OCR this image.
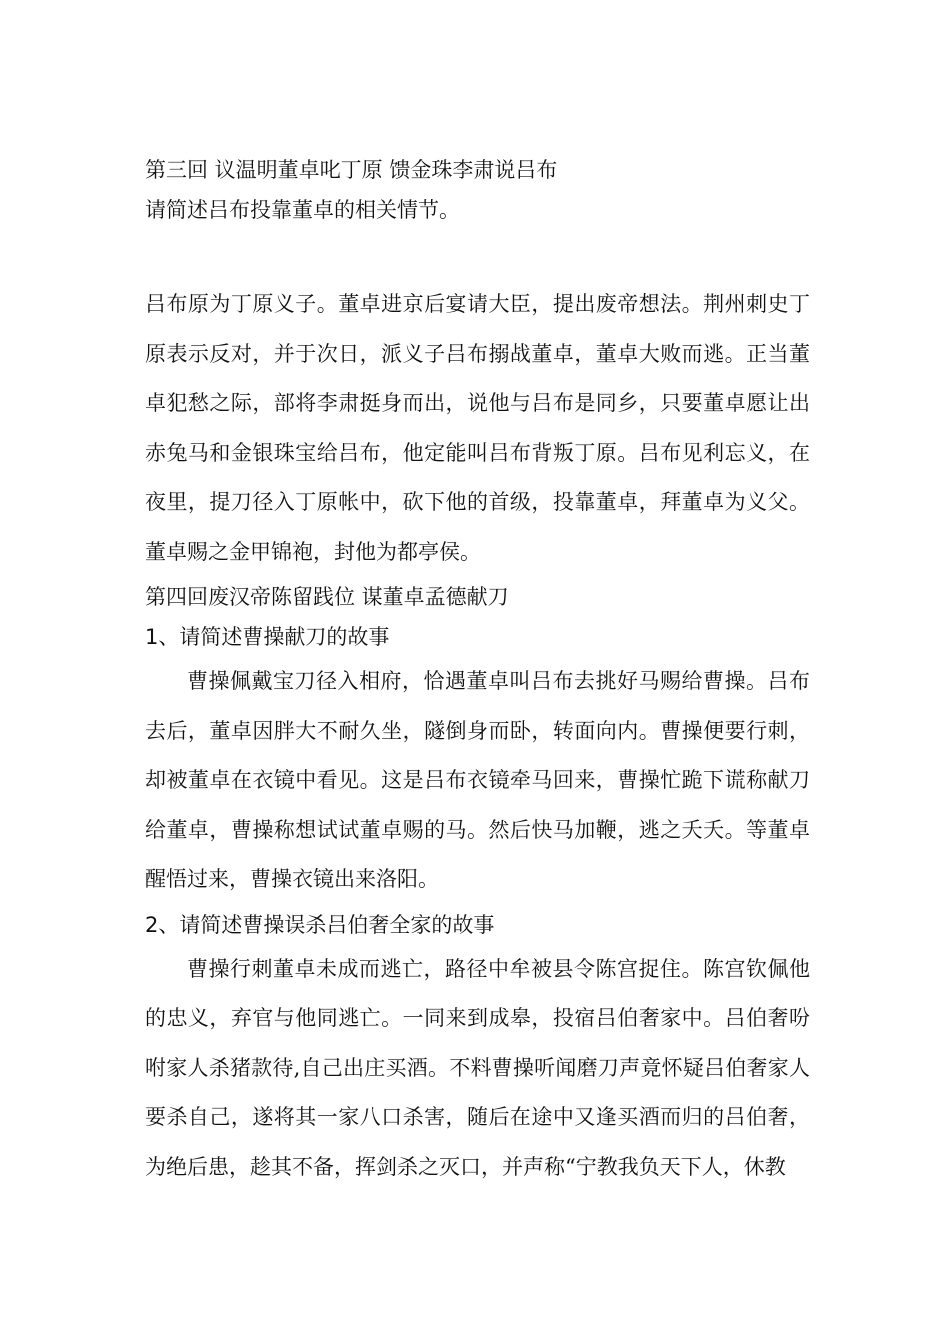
第三回 议温明董卓叱丁原 馈金珠李肃说吕布
请简述吕布投靠董卓的相关情节。

吕布原为丁原义子。董卓进京后宴请大臣，提出废帝想法。荆州刺史丁原表示反对，并于次日，派义子吕布搦战董卓，董卓大败而逃。正当董卓犯愁之际，部将李肃挺身而出，说他与吕布是同乡，只要董卓愿让出赤兔马和金银珠宝给吕布，他定能叫吕布背叛丁原。吕布见利忘义，在夜里，提刀径入丁原帐中，砍下他的首级，投靠董卓，拜董卓为义父。董卓赐之金甲锦袍，封他为都亭侯。

第四回废汉帝陈留践位 谋董卓孟德献刀
1、请简述曹操献刀的故事

曹操佩戴宝刀径入相府，恰遇董卓叫吕布去挑好马赐给曹操。吕布去后，董卓因胖大不耐久坐，隧倒身而卧，转面向内。曹操便要行刺，却被董卓在衣镜中看见。这是吕布衣镜牵马回来，曹操忙跪下谎称献刀给董卓，曹操称想试试董卓赐的马。然后快马加鞭，逃之夭夭。等董卓醒悟过来，曹操衣镜出来洛阳。

2、请简述曹操误杀吕伯奢全家的故事

曹操行刺董卓未成而逃亡，路径中牟被县令陈宫捉住。陈宫钦佩他的忠义，弃官与他同逃亡。一同来到成皋，投宿吕伯奢家中。吕伯奢吩咐家人杀猪款待,自己出庄买酒。不料曹操听闻磨刀声竟怀疑吕伯奢家人要杀自己，遂将其一家八口杀害，随后在途中又逢买酒而归的吕伯奢，为绝后患，趁其不备，挥剑杀之灭口，并声称“宁教我负天下人，休教
